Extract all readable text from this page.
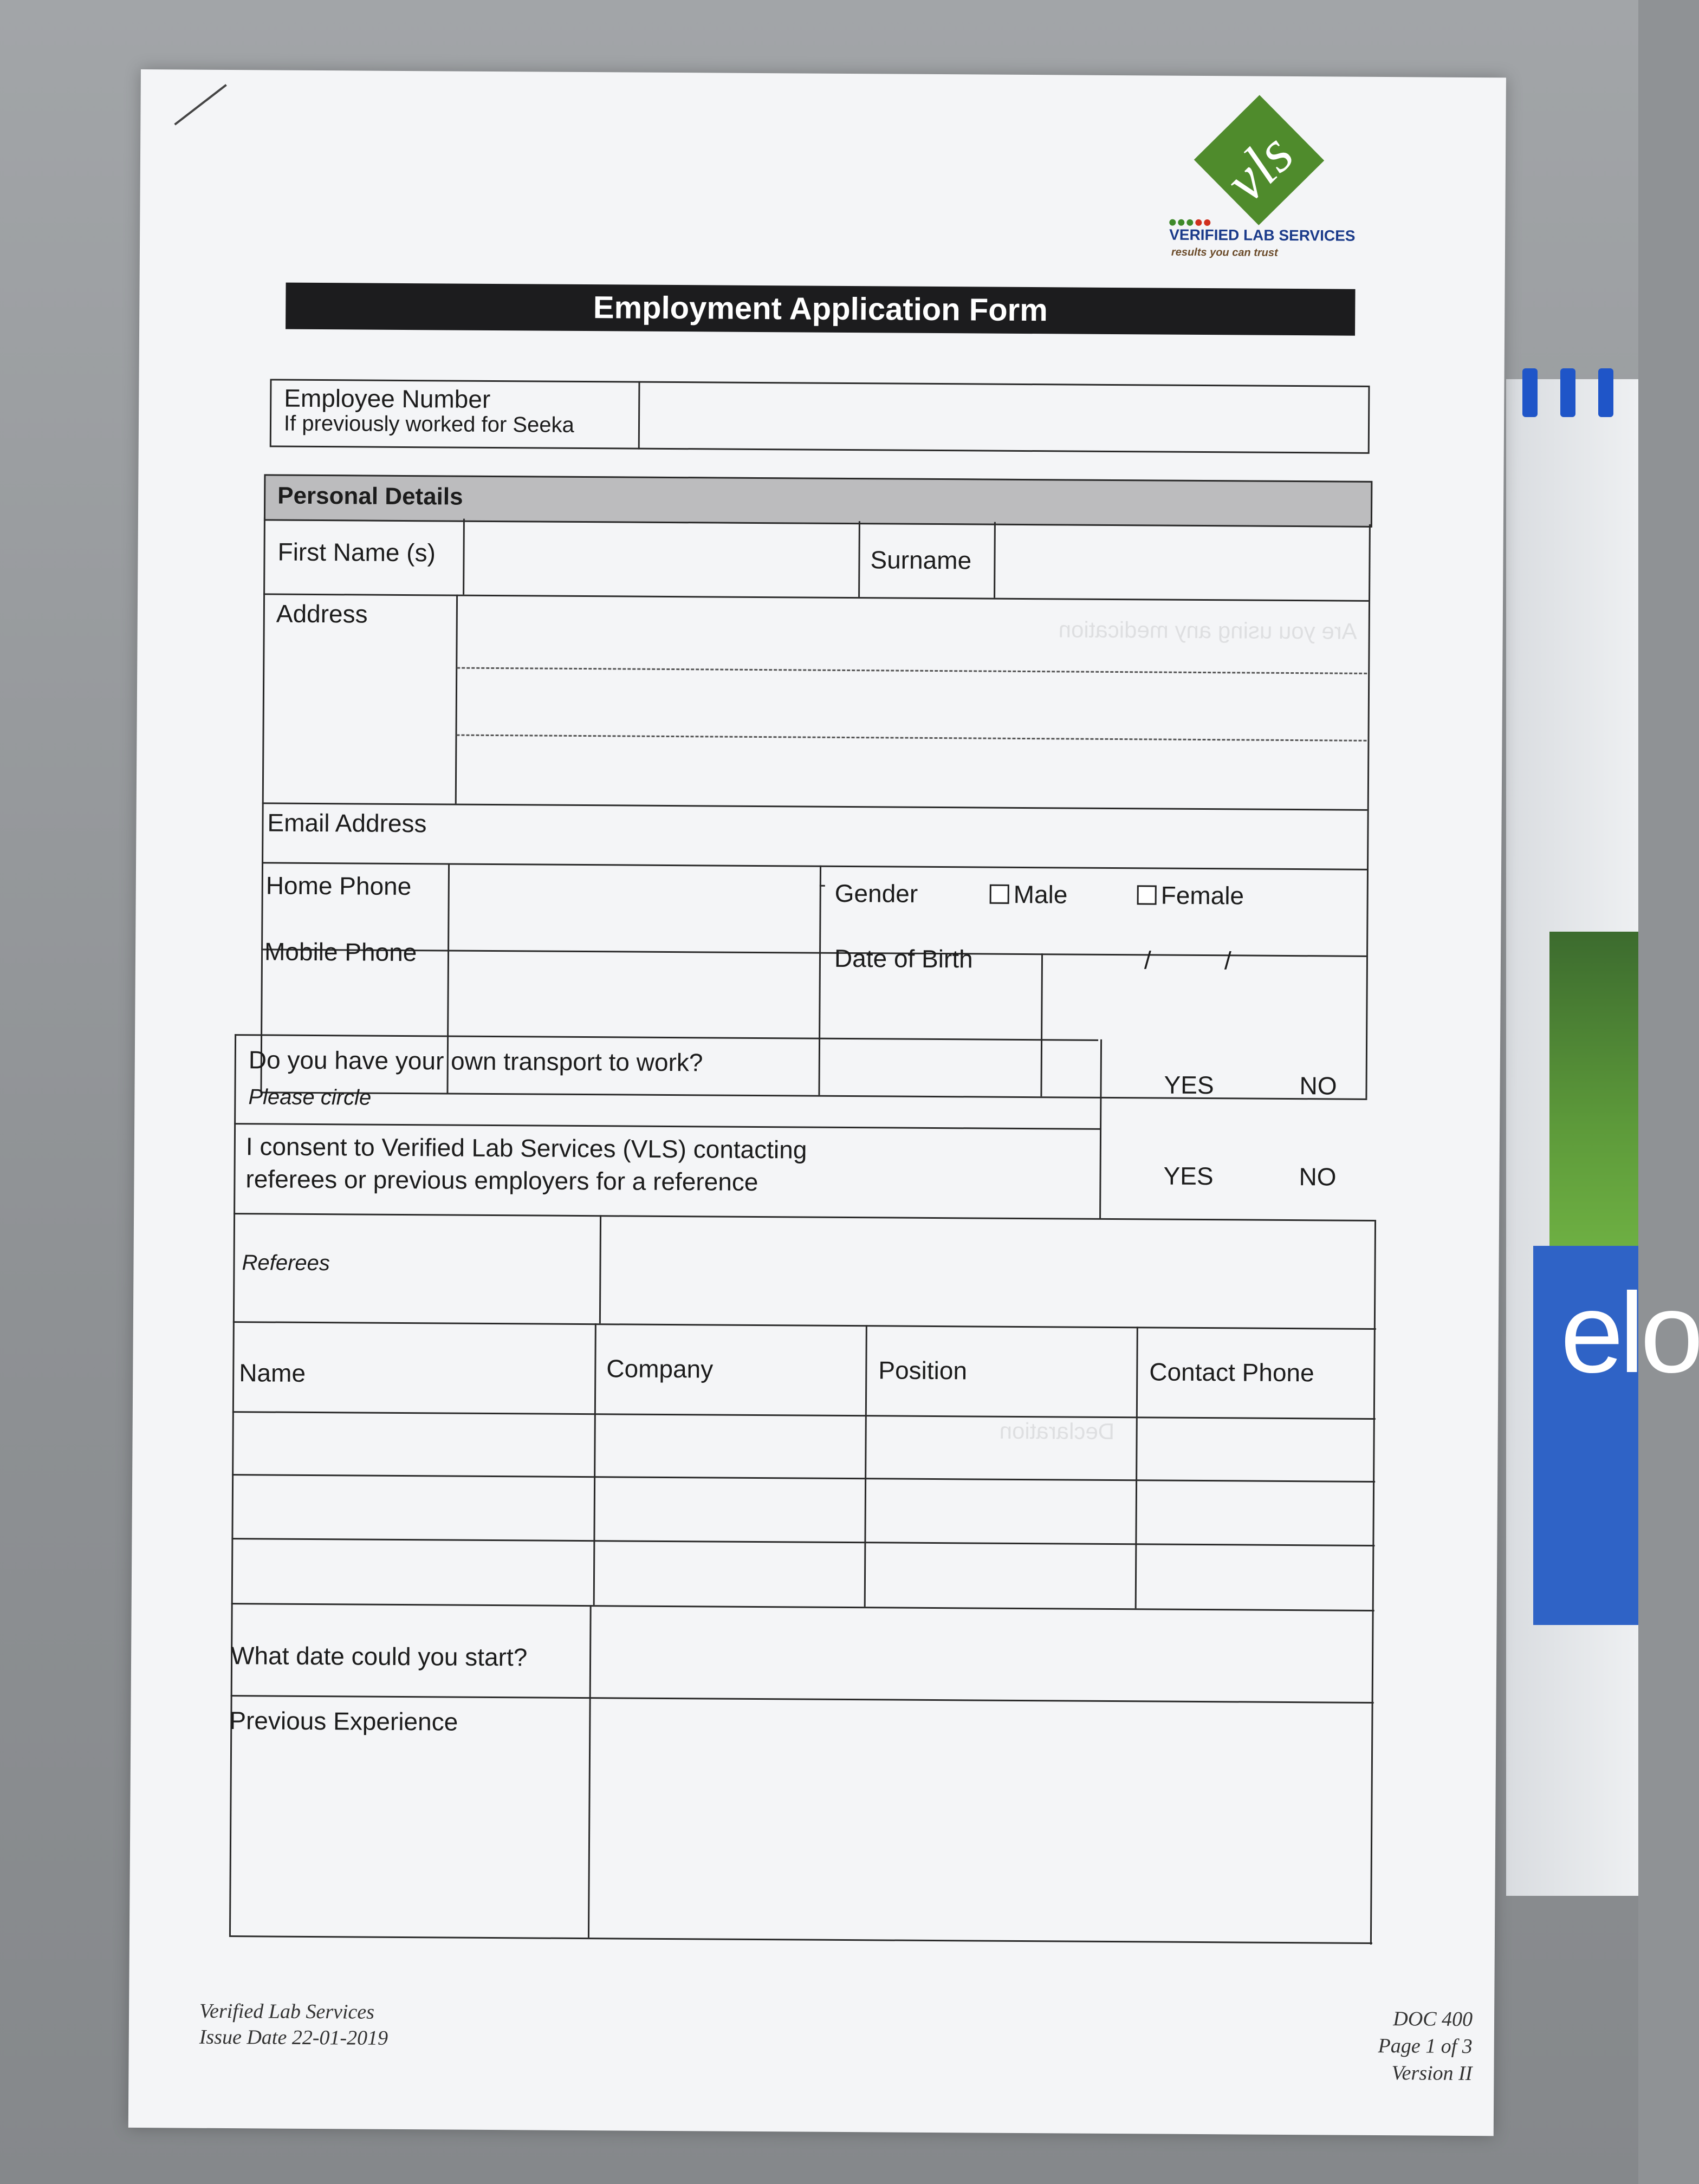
elo
Are you using any medication
Declaration
vls
VERIFIED LAB SERVICES
results you can trust
Employment Application Form
Employee Number
If previously worked for Seeka
Personal Details
First Name (s)	Surname
Address
Email Address
Home Phone	Gender	Male	Female
Mobile Phone	Date of Birth	/	/
Do you have your own transport to work?
Please circle	YES	NO
I consent to Verified Lab Services (VLS) contacting
referees or previous employers for a reference	YES	NO
Referees
Name	Company	Position	Contact Phone
What date could you start?
Previous Experience
Verified Lab Services
Issue Date 22-01-2019
DOC 400
Page 1 of 3
Version II
